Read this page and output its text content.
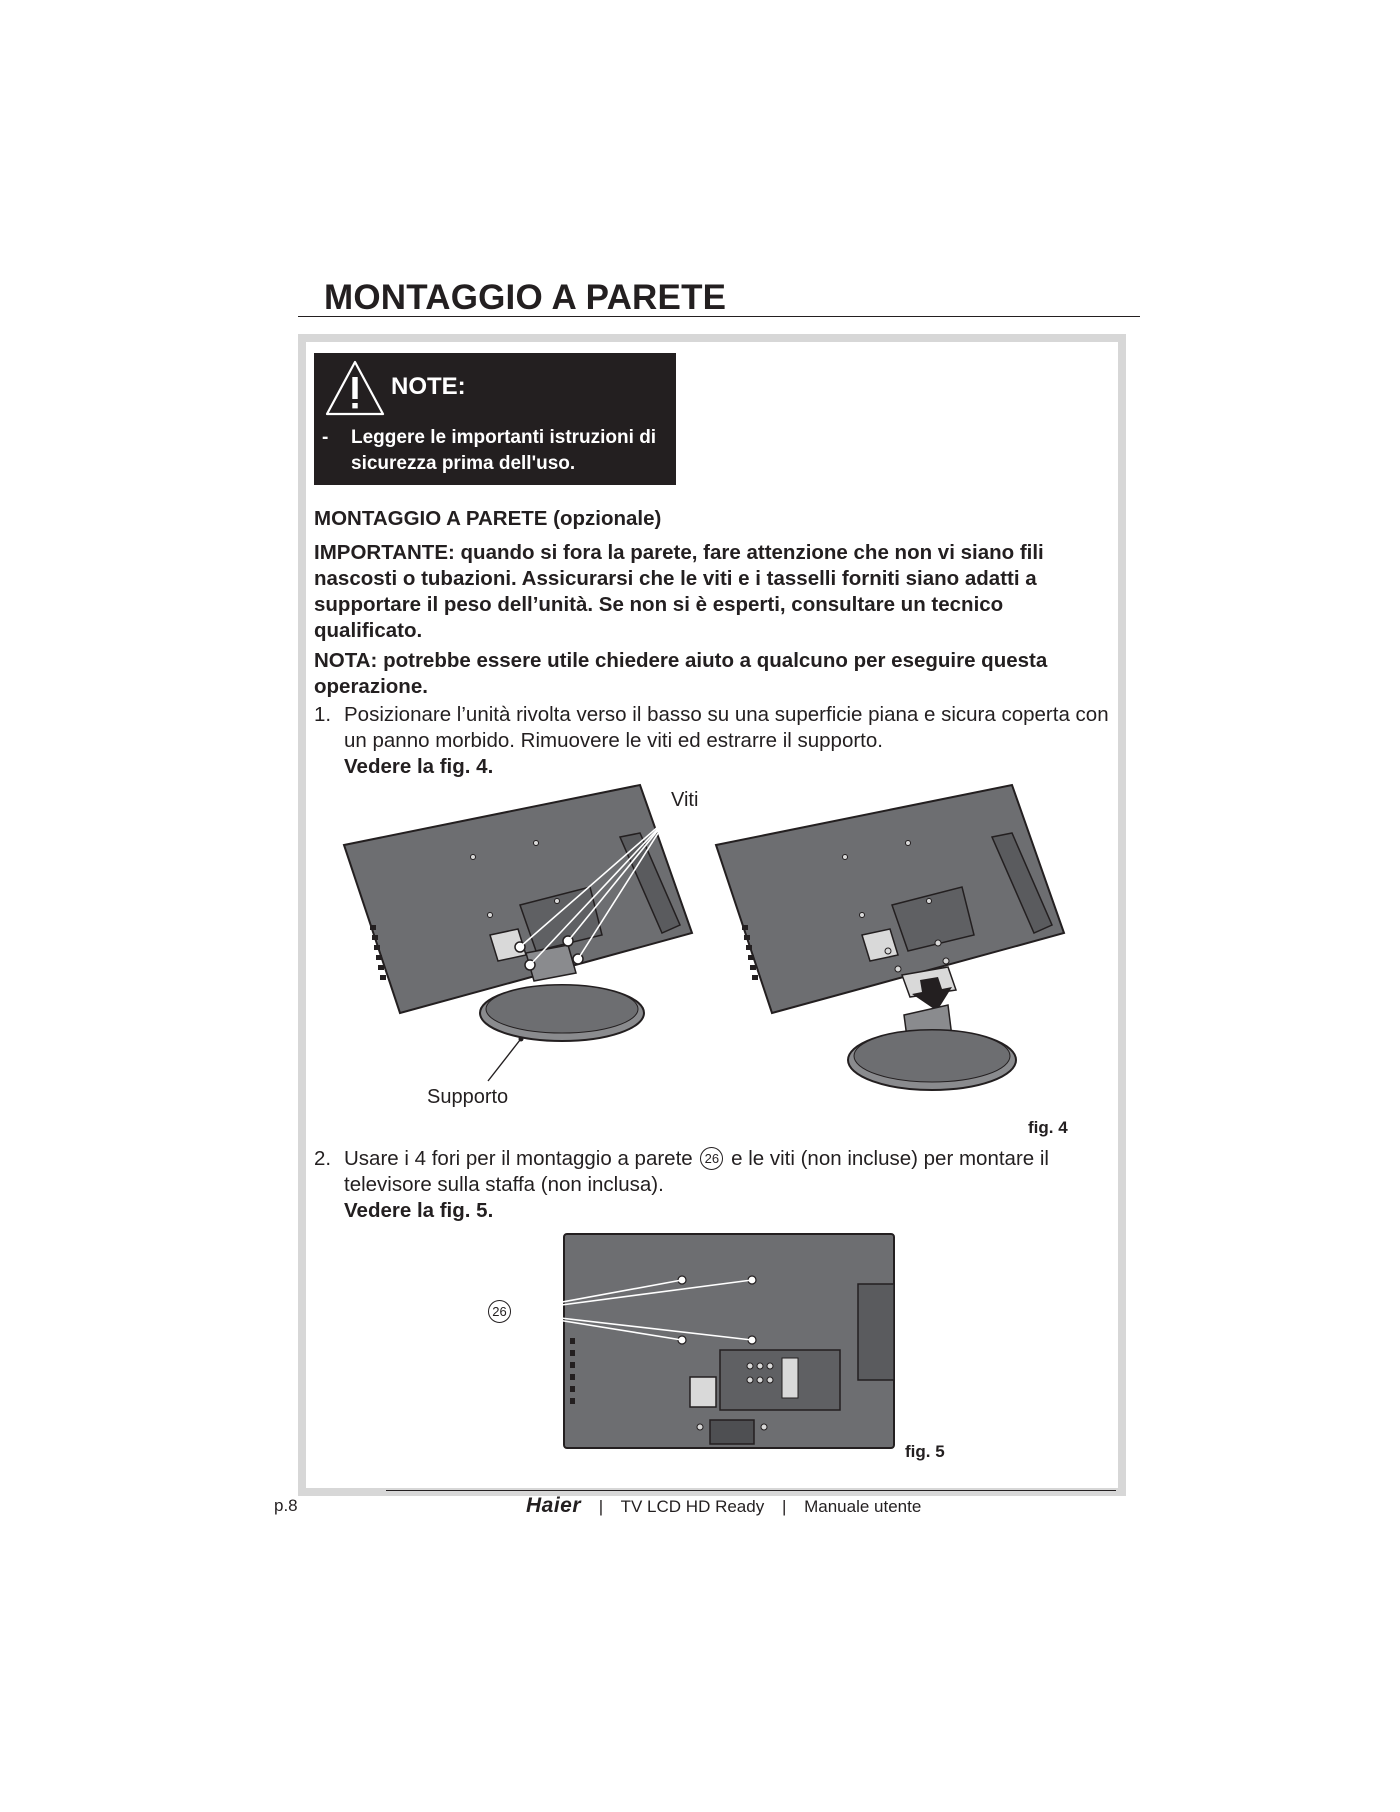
MONTAGGIO A PARETE
NOTE:
- Leggere le importanti istruzioni di sicurezza prima dell'uso.
MONTAGGIO A PARETE (opzionale)
IMPORTANTE: quando si fora la parete, fare attenzione che non vi siano fili nascosti o tubazioni. Assicurarsi che le viti e i tasselli forniti siano adatti a supportare il peso dell’unità. Se non si è esperti, consultare un tecnico qualificato.
NOTA: potrebbe essere utile chiedere aiuto a qualcuno per eseguire questa operazione.
1. Posizionare l’unità rivolta verso il basso su una superficie piana e sicura coperta con un panno morbido. Rimuovere le viti ed estrarre il supporto.
Vedere la fig. 4.
Viti
Supporto
fig. 4
2. Usare i 4 fori per il montaggio a parete 26 e le viti (non incluse) per montare il televisore sulla staffa (non inclusa).
Vedere la fig. 5.
26
fig. 5
p.8	Haier | TV LCD HD Ready | Manuale utente
